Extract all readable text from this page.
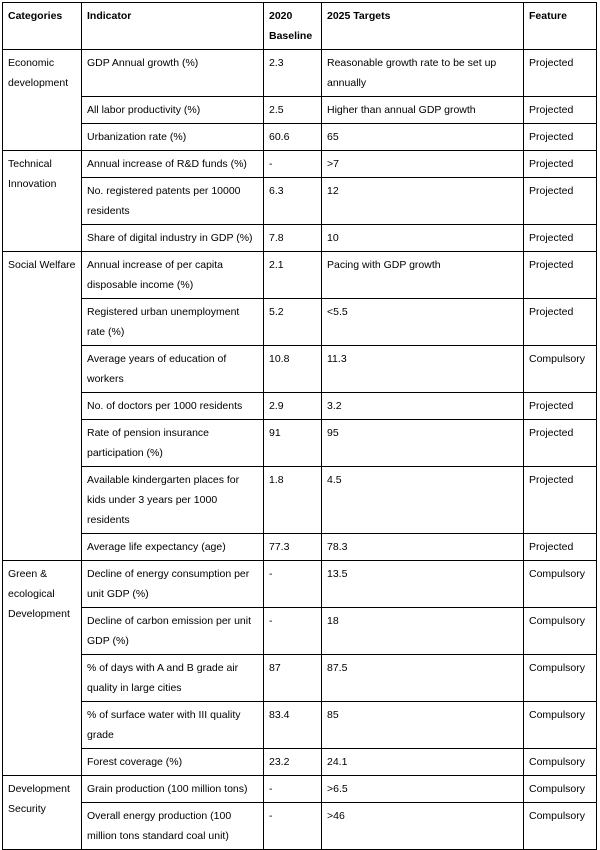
Categories	Indicator	2020 Baseline	2025 Targets	Feature
Economic development	GDP Annual growth (%)	2.3	Reasonable growth rate to be set up annually	Projected
	All labor productivity (%)	2.5	Higher than annual GDP growth	Projected
	Urbanization rate (%)	60.6	65	Projected
Technical Innovation	Annual increase of R&D funds (%)	-	>7	Projected
	No. registered patents per 10000 residents	6.3	12	Projected
	Share of digital industry in GDP (%)	7.8	10	Projected
Social Welfare	Annual increase of per capita disposable income (%)	2.1	Pacing with GDP growth	Projected
	Registered urban unemployment rate (%)	5.2	<5.5	Projected
	Average years of education of workers	10.8	11.3	Compulsory
	No. of doctors per 1000 residents	2.9	3.2	Projected
	Rate of pension insurance participation (%)	91	95	Projected
	Available kindergarten places for kids under 3 years per 1000 residents	1.8	4.5	Projected
	Average life expectancy (age)	77.3	78.3	Projected
Green & ecological Development	Decline of energy consumption per unit GDP (%)	-	13.5	Compulsory
	Decline of carbon emission per unit GDP (%)	-	18	Compulsory
	% of days with A and B grade air quality in large cities	87	87.5	Compulsory
	% of surface water with III quality grade	83.4	85	Compulsory
	Forest coverage (%)	23.2	24.1	Compulsory
Development Security	Grain production (100 million tons)	-	>6.5	Compulsory
	Overall energy production (100 million tons standard coal unit)	-	>46	Compulsory
